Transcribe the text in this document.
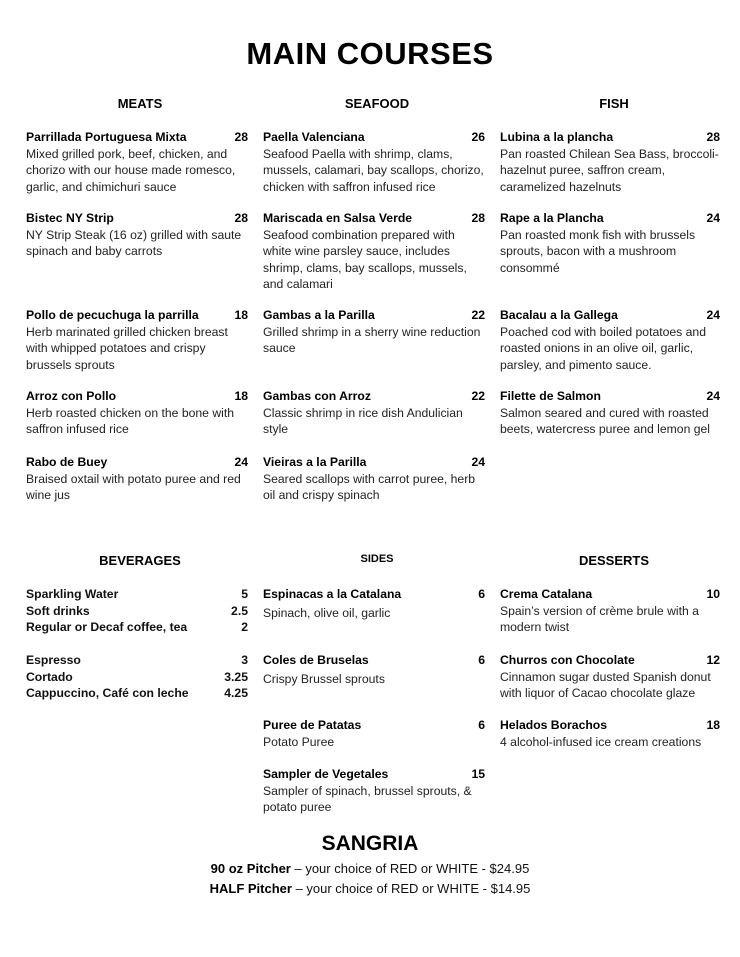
MAIN COURSES
MEATS
Parrillada Portuguesa Mixta	28
Mixed grilled pork, beef, chicken, and chorizo with our house made romesco, garlic, and chimichuri sauce
Bistec NY Strip	28
NY Strip Steak (16 oz) grilled with saute spinach and baby carrots
Pollo de pecuchuga la parrilla	18
Herb marinated grilled chicken breast with whipped potatoes and crispy brussels sprouts
Arroz con Pollo	18
Herb roasted chicken on the bone with saffron infused rice
Rabo de Buey	24
Braised oxtail with potato puree and red wine jus
SEAFOOD
Paella Valenciana	26
Seafood Paella with shrimp, clams, mussels, calamari, bay scallops, chorizo, chicken with saffron infused rice
Mariscada en Salsa Verde	28
Seafood combination prepared with white wine parsley sauce, includes shrimp, clams, bay scallops, mussels, and calamari
Gambas a la Parilla	22
Grilled shrimp in a sherry wine reduction sauce
Gambas con Arroz	22
Classic shrimp in rice dish Andulician style
Vieiras a la Parilla	24
Seared scallops with carrot puree, herb oil and crispy spinach
FISH
Lubina a la plancha	28
Pan roasted Chilean Sea Bass, broccoli-hazelnut puree, saffron cream, caramelized hazelnuts
Rape a la Plancha	24
Pan roasted monk fish with brussels sprouts, bacon with a mushroom consommé
Bacalau a la Gallega	24
Poached cod with boiled potatoes and roasted onions in an olive oil, garlic, parsley, and pimento sauce.
Filette de Salmon	24
Salmon seared and cured with roasted beets, watercress puree and lemon gel
BEVERAGES
Sparkling Water	5
Soft drinks	2.5
Regular or Decaf coffee, tea	2
Espresso	3
Cortado	3.25
Cappuccino, Café con leche	4.25
SIDES
Espinacas a la Catalana	6
Spinach, olive oil, garlic
Coles de Bruselas	6
Crispy Brussel sprouts
Puree de Patatas	6
Potato Puree
Sampler de Vegetales	15
Sampler of spinach, brussel sprouts, & potato puree
DESSERTS
Crema Catalana	10
Spain’s version of crème brule with a modern twist
Churros con Chocolate	12
Cinnamon sugar dusted Spanish donut with liquor of Cacao chocolate glaze
Helados Borachos	18
4 alcohol-infused ice cream creations
SANGRIA
90 oz Pitcher – your choice of RED or WHITE - $24.95
HALF Pitcher – your choice of RED or WHITE - $14.95
